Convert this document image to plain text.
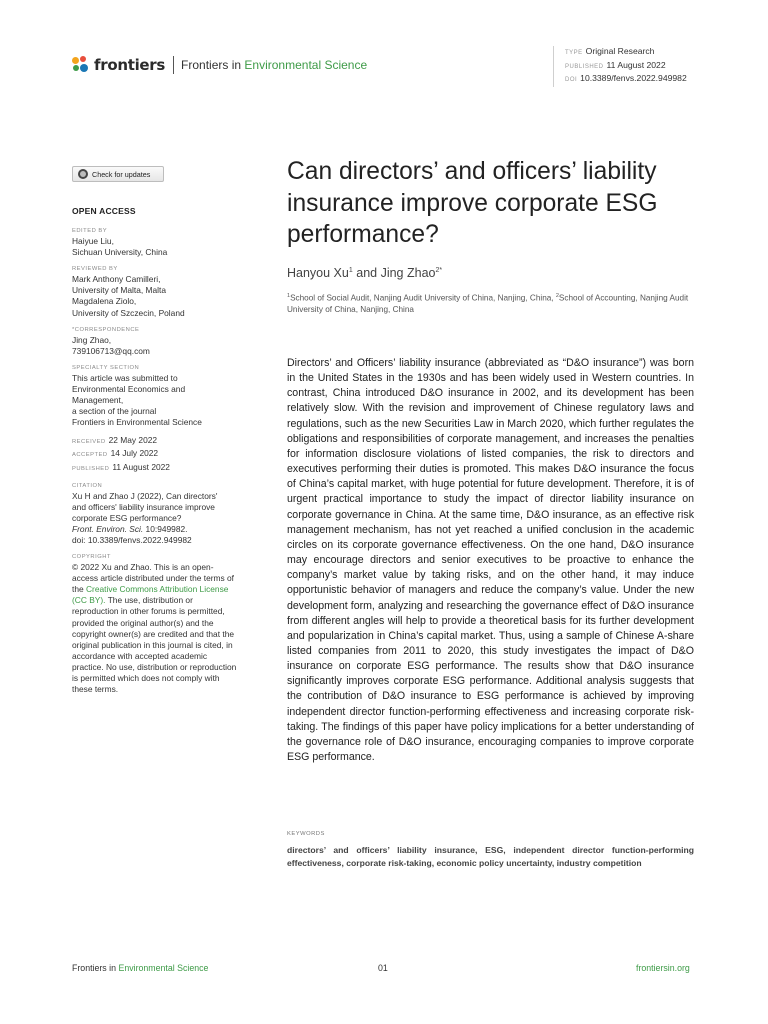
frontiers Frontiers in Environmental Science
TYPE Original Research
PUBLISHED 11 August 2022
DOI 10.3389/fenvs.2022.949982
Check for updates
OPEN ACCESS
EDITED BY

Haiyue Liu,

Sichuan University, China

REVIEWED BY

Mark Anthony Camilleri,

University of Malta, Malta

Magdalena Ziolo,

University of Szczecin, Poland

*CORRESPONDENCE

Jing Zhao,

739106713@qq.com

SPECIALTY SECTION

This article was submitted to

Environmental Economics and

Management,

a section of the journal

Frontiers in Environmental Science

RECEIVED 22 May 2022

ACCEPTED 14 July 2022

PUBLISHED 11 August 2022

CITATION

Xu H and Zhao J (2022), Can directors'

and officers' liability insurance improve

corporate ESG performance?

Front. Environ. Sci. 10:949982.

doi: 10.3389/fenvs.2022.949982

COPYRIGHT

© 2022 Xu and Zhao. This is an open-access article distributed under the terms of the Creative Commons Attribution License (CC BY). The use, distribution or reproduction in other forums is permitted, provided the original author(s) and the copyright owner(s) are credited and that the original publication in this journal is cited, in accordance with accepted academic practice. No use, distribution or reproduction is permitted which does not comply with these terms.

Can directors’ and officers’ liability insurance improve corporate ESG performance?
Hanyou Xu$^1$ and Jing Zhao$^{2*}$
$^1$School of Social Audit, Nanjing Audit University of China, Nanjing, China, $^2$School of Accounting, Nanjing Audit University of China, Nanjing, China
Directors’ and Officers’ liability insurance (abbreviated as “D&O insurance”) was born in the United States in the 1930s and has been widely used in Western countries. In contrast, China introduced D&O insurance in 2002, and its development has been relatively slow. With the revision and improvement of Chinese regulatory laws and regulations, such as the new Securities Law in March 2020, which further regulates the obligations and responsibilities of corporate management, and increases the penalties for information disclosure violations of listed companies, the risk to directors and executives performing their duties is promoted. This makes D&O insurance the focus of China’s capital market, with huge potential for future development. Therefore, it is of urgent practical importance to study the impact of director liability insurance on corporate governance in China. At the same time, D&O insurance, as an effective risk management mechanism, has not yet reached a unified conclusion in the academic circles on its corporate governance effectiveness. On the one hand, D&O insurance may encourage directors and senior executives to be proactive to enhance the company’s market value by taking risks, and on the other hand, it may induce opportunistic behavior of managers and reduce the company’s value. Under the new development form, analyzing and researching the governance effect of D&O insurance from different angles will help to provide a theoretical basis for its further development and popularization in China’s capital market. Thus, using a sample of Chinese A-share listed companies from 2011 to 2020, this study investigates the impact of D&O insurance on corporate ESG performance. The results show that D&O insurance significantly improves corporate ESG performance. Additional analysis suggests that the contribution of D&O insurance to ESG performance is achieved by improving independent director function-performing effectiveness and increasing corporate risk-taking. The findings of this paper have policy implications for a better understanding of the governance role of D&O insurance, encouraging companies to improve corporate ESG performance.
KEYWORDS
directors’ and officers’ liability insurance, ESG, independent director function-performing effectiveness, corporate risk-taking, economic policy uncertainty, industry competition
Frontiers in Environmental Science	01	frontiersin.org
